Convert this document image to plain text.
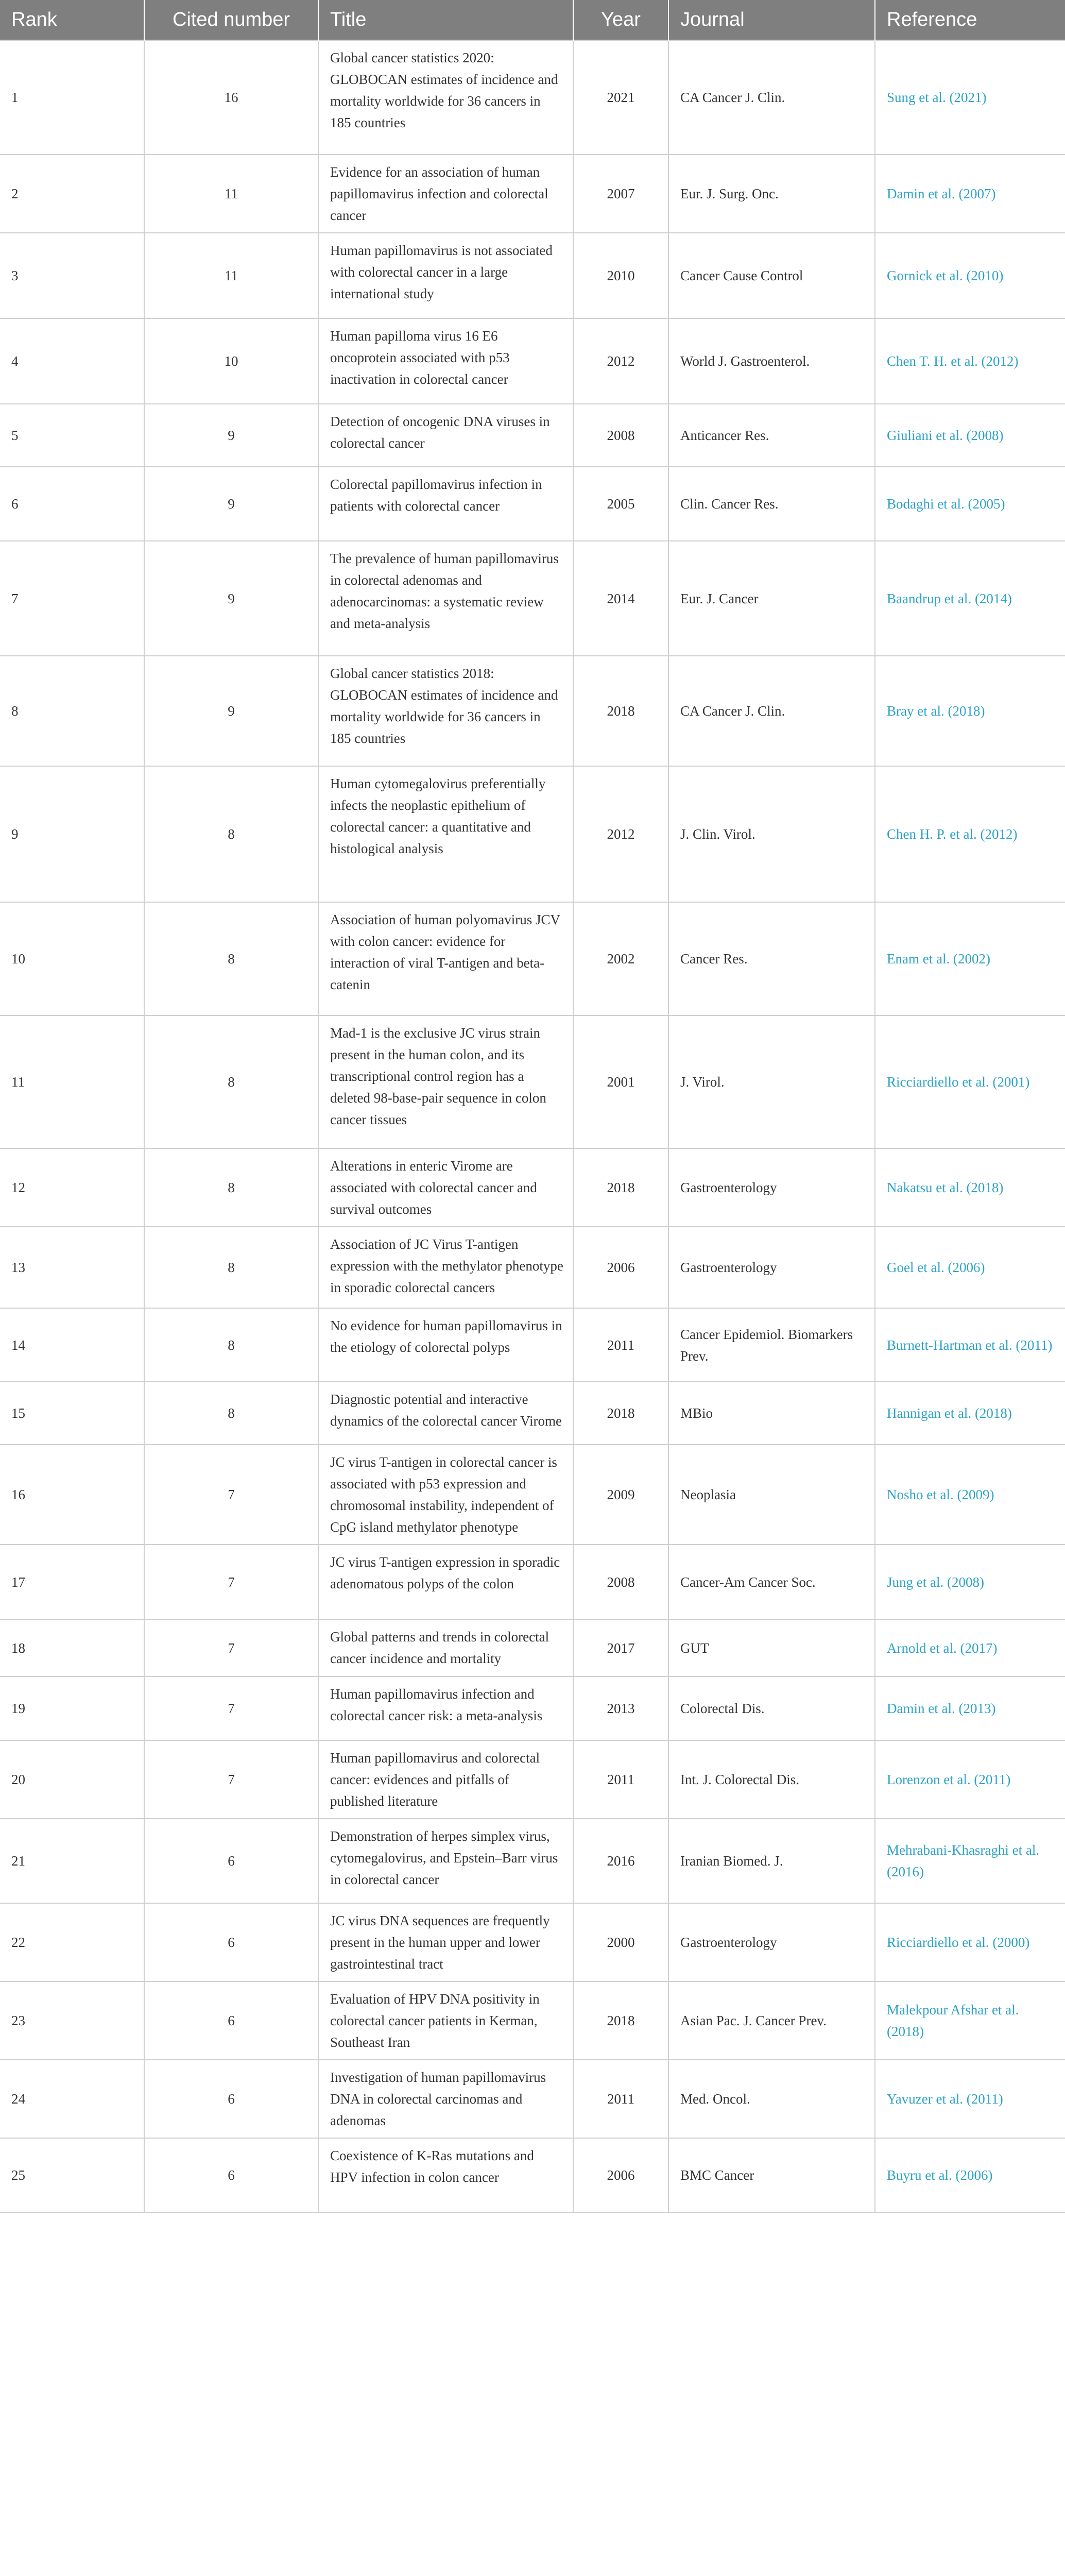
Rank	Cited number	Title	Year	Journal	Reference
1	16	Global cancer statistics 2020: GLOBOCAN estimates of incidence and mortality worldwide for 36 cancers in 185 countries	2021	CA Cancer J. Clin.	Sung et al. (2021)
2	11	Evidence for an association of human papillomavirus infection and colorectal cancer	2007	Eur. J. Surg. Onc.	Damin et al. (2007)
3	11	Human papillomavirus is not associated with colorectal cancer in a large international study	2010	Cancer Cause Control	Gornick et al. (2010)
4	10	Human papilloma virus 16 E6 oncoprotein associated with p53 inactivation in colorectal cancer	2012	World J. Gastroenterol.	Chen T. H. et al. (2012)
5	9	Detection of oncogenic DNA viruses in colorectal cancer	2008	Anticancer Res.	Giuliani et al. (2008)
6	9	Colorectal papillomavirus infection in patients with colorectal cancer	2005	Clin. Cancer Res.	Bodaghi et al. (2005)
7	9	The prevalence of human papillomavirus in colorectal adenomas and adenocarcinomas: a systematic review and meta-analysis	2014	Eur. J. Cancer	Baandrup et al. (2014)
8	9	Global cancer statistics 2018: GLOBOCAN estimates of incidence and mortality worldwide for 36 cancers in 185 countries	2018	CA Cancer J. Clin.	Bray et al. (2018)
9	8	Human cytomegalovirus preferentially infects the neoplastic epithelium of colorectal cancer: a quantitative and histological analysis	2012	J. Clin. Virol.	Chen H. P. et al. (2012)
10	8	Association of human polyomavirus JCV with colon cancer: evidence for interaction of viral T-antigen and beta-catenin	2002	Cancer Res.	Enam et al. (2002)
11	8	Mad-1 is the exclusive JC virus strain present in the human colon, and its transcriptional control region has a deleted 98-base-pair sequence in colon cancer tissues	2001	J. Virol.	Ricciardiello et al. (2001)
12	8	Alterations in enteric Virome are associated with colorectal cancer and survival outcomes	2018	Gastroenterology	Nakatsu et al. (2018)
13	8	Association of JC Virus T-antigen expression with the methylator phenotype in sporadic colorectal cancers	2006	Gastroenterology	Goel et al. (2006)
14	8	No evidence for human papillomavirus in the etiology of colorectal polyps	2011	Cancer Epidemiol. Biomarkers Prev.	Burnett-Hartman et al. (2011)
15	8	Diagnostic potential and interactive dynamics of the colorectal cancer Virome	2018	MBio	Hannigan et al. (2018)
16	7	JC virus T-antigen in colorectal cancer is associated with p53 expression and chromosomal instability, independent of CpG island methylator phenotype	2009	Neoplasia	Nosho et al. (2009)
17	7	JC virus T-antigen expression in sporadic adenomatous polyps of the colon	2008	Cancer-Am Cancer Soc.	Jung et al. (2008)
18	7	Global patterns and trends in colorectal cancer incidence and mortality	2017	GUT	Arnold et al. (2017)
19	7	Human papillomavirus infection and colorectal cancer risk: a meta-analysis	2013	Colorectal Dis.	Damin et al. (2013)
20	7	Human papillomavirus and colorectal cancer: evidences and pitfalls of published literature	2011	Int. J. Colorectal Dis.	Lorenzon et al. (2011)
21	6	Demonstration of herpes simplex virus, cytomegalovirus, and Epstein–Barr virus in colorectal cancer	2016	Iranian Biomed. J.	Mehrabani-Khasraghi et al. (2016)
22	6	JC virus DNA sequences are frequently present in the human upper and lower gastrointestinal tract	2000	Gastroenterology	Ricciardiello et al. (2000)
23	6	Evaluation of HPV DNA positivity in colorectal cancer patients in Kerman, Southeast Iran	2018	Asian Pac. J. Cancer Prev.	Malekpour Afshar et al. (2018)
24	6	Investigation of human papillomavirus DNA in colorectal carcinomas and adenomas	2011	Med. Oncol.	Yavuzer et al. (2011)
25	6	Coexistence of K-Ras mutations and HPV infection in colon cancer	2006	BMC Cancer	Buyru et al. (2006)
